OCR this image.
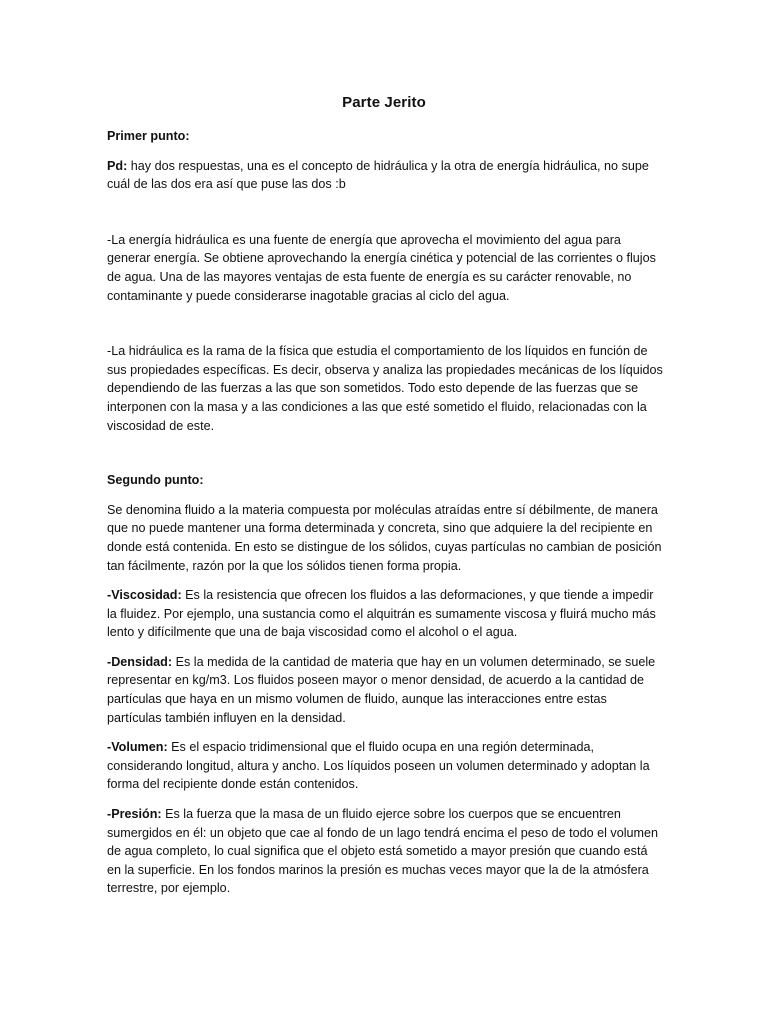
Parte Jerito

Primer punto:

Pd: hay dos respuestas, una es el concepto de hidráulica y la otra de energía hidráulica, no supe cuál de las dos era así que puse las dos :b

-La energía hidráulica es una fuente de energía que aprovecha el movimiento del agua para generar energía. Se obtiene aprovechando la energía cinética y potencial de las corrientes o flujos de agua. Una de las mayores ventajas de esta fuente de energía es su carácter renovable, no contaminante y puede considerarse inagotable gracias al ciclo del agua.

-La hidráulica es la rama de la física que estudia el comportamiento de los líquidos en función de sus propiedades específicas. Es decir, observa y analiza las propiedades mecánicas de los líquidos dependiendo de las fuerzas a las que son sometidos. Todo esto depende de las fuerzas que se interponen con la masa y a las condiciones a las que esté sometido el fluido, relacionadas con la viscosidad de este.

Segundo punto:

Se denomina fluido a la materia compuesta por moléculas atraídas entre sí débilmente, de manera que no puede mantener una forma determinada y concreta, sino que adquiere la del recipiente en donde está contenida. En esto se distingue de los sólidos, cuyas partículas no cambian de posición tan fácilmente, razón por la que los sólidos tienen forma propia.

-Viscosidad: Es la resistencia que ofrecen los fluidos a las deformaciones, y que tiende a impedir la fluidez. Por ejemplo, una sustancia como el alquitrán es sumamente viscosa y fluirá mucho más lento y difícilmente que una de baja viscosidad como el alcohol o el agua.

-Densidad: Es la medida de la cantidad de materia que hay en un volumen determinado, se suele representar en kg/m3. Los fluidos poseen mayor o menor densidad, de acuerdo a la cantidad de partículas que haya en un mismo volumen de fluido, aunque las interacciones entre estas partículas también influyen en la densidad.

-Volumen: Es el espacio tridimensional que el fluido ocupa en una región determinada, considerando longitud, altura y ancho. Los líquidos poseen un volumen determinado y adoptan la forma del recipiente donde están contenidos.

-Presión: Es la fuerza que la masa de un fluido ejerce sobre los cuerpos que se encuentren sumergidos en él: un objeto que cae al fondo de un lago tendrá encima el peso de todo el volumen de agua completo, lo cual significa que el objeto está sometido a mayor presión que cuando está en la superficie. En los fondos marinos la presión es muchas veces mayor que la de la atmósfera terrestre, por ejemplo.
